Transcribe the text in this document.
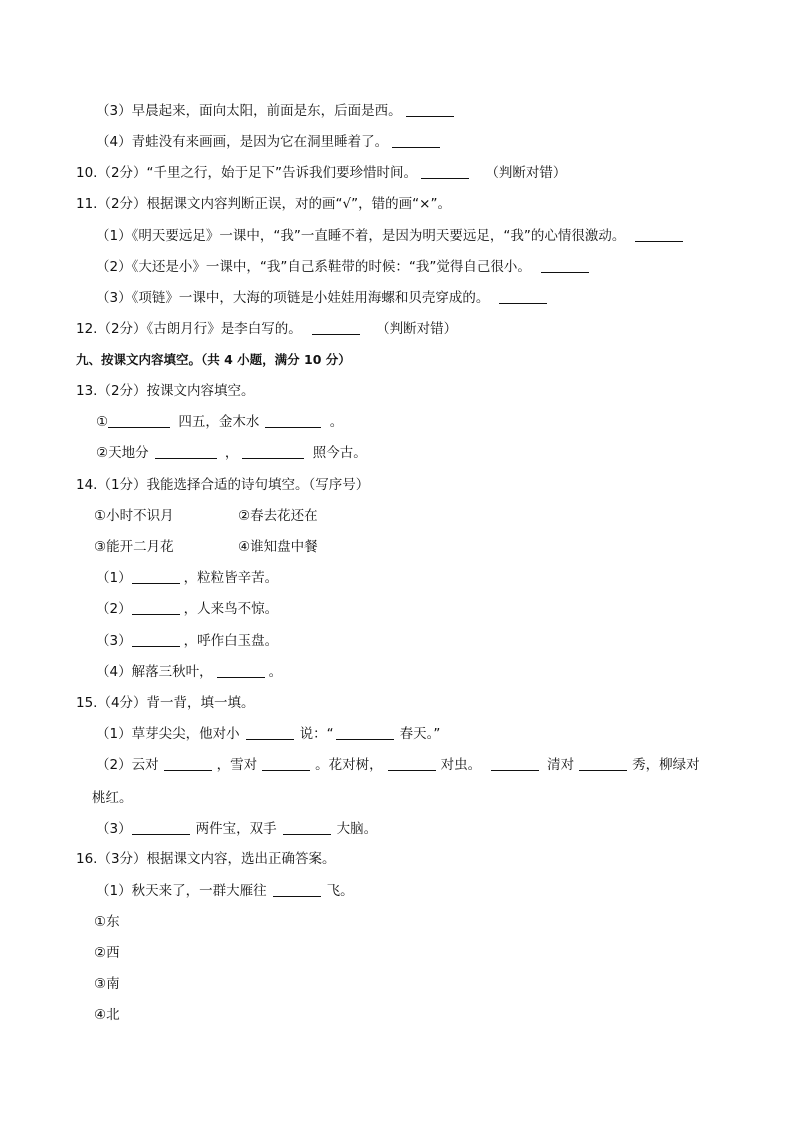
（3）早晨起来，面向太阳，前面是东，后面是西。
（4）青蛙没有来画画，是因为它在洞里睡着了。
10.（2分）“千里之行，始于足下”告诉我们要珍惜时间。	（判断对错）
11.（2分）根据课文内容判断正误，对的画“√”，错的画“×”。
（1）《明天要远足》一课中，“我”一直睡不着，是因为明天要远足，“我”的心情很激动。
（2）《大还是小》一课中，“我”自己系鞋带的时候：“我”觉得自己很小。
（3）《项链》一课中，大海的项链是小娃娃用海螺和贝壳穿成的。
12.（2分）《古朗月行》是李白写的。	（判断对错）
九、按课文内容填空。（共 4 小题，满分 10 分）
13.（2分）按课文内容填空。
①	四五，金木水	。
②天地分	，	照今古。
14.（1分）我能选择合适的诗句填空。（写序号）
①小时不识月	②春去花还在
③能开二月花	④谁知盘中餐
（1）	，粒粒皆辛苦。
（2）	，人来鸟不惊。
（3）	，呼作白玉盘。
（4）解落三秋叶，	。
15.（4分）背一背，填一填。
（1）草芽尖尖，他对小	说：“	春天。”
（2）云对	，雪对	。花对树，	对虫。	清对	秀，柳绿对
桃红。
（3）	两件宝，双手	大脑。
16.（3分）根据课文内容，选出正确答案。
（1）秋天来了，一群大雁往	飞。
①东
②西
③南
④北
